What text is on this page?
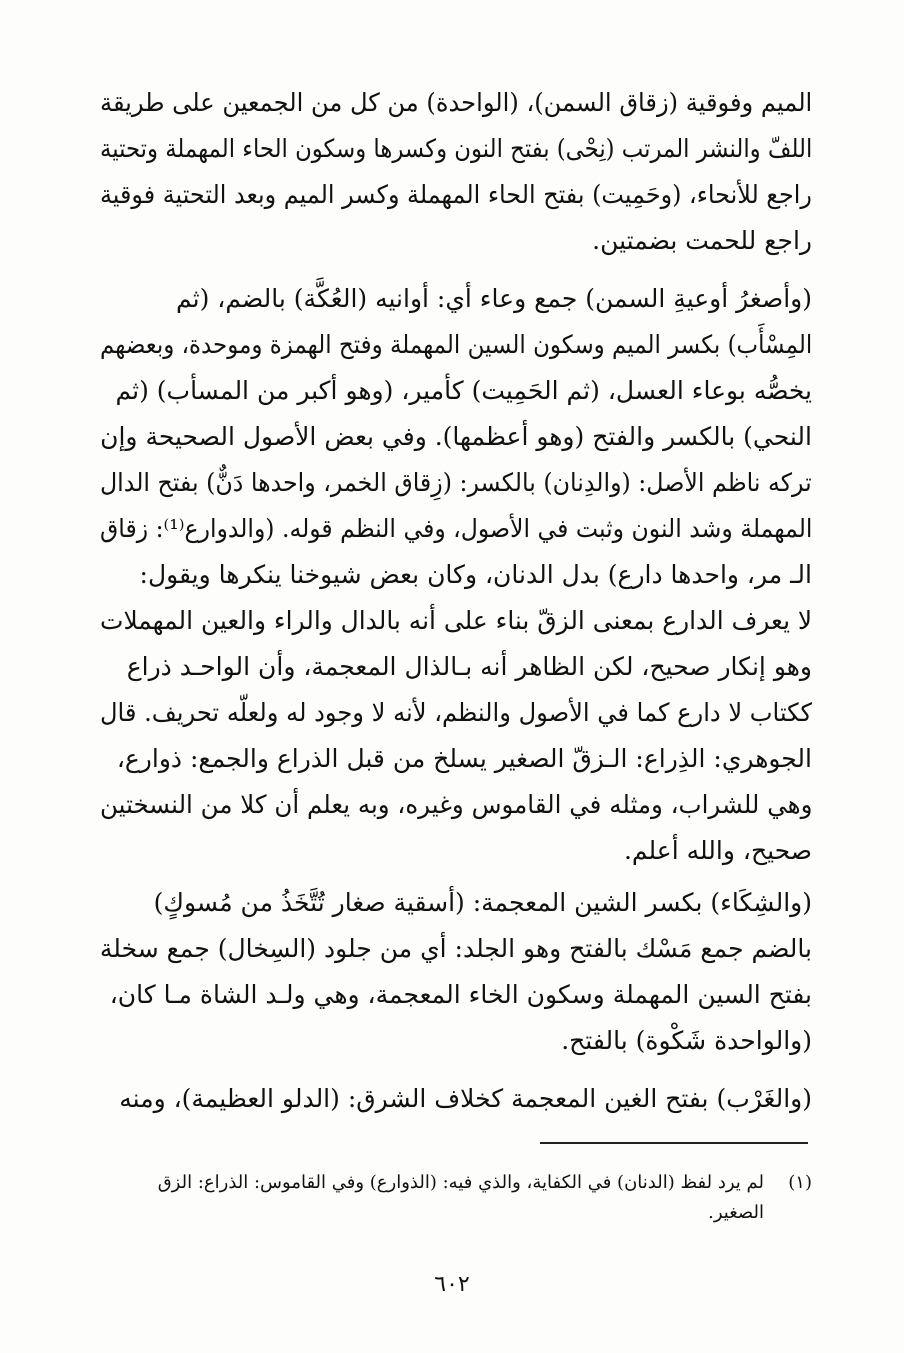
الميم وفوقية (زقاق السمن)، (الواحدة) من كل من الجمعين على طريقة
اللفّ والنشر المرتب (نِحْى) بفتح النون وكسرها وسكون الحاء المهملة وتحتية
راجع للأنحاء، (وحَمِيت) بفتح الحاء المهملة وكسر الميم وبعد التحتية فوقية
راجع للحمت بضمتين.
(وأصغرُ أوعيةِ السمن) جمع وعاء أي: أوانيه (العُكَّة) بالضم، (ثم
المِسْأَب) بكسر الميم وسكون السين المهملة وفتح الهمزة وموحدة، وبعضهم
يخصُّه بوعاء العسل، (ثم الحَمِيت) كأمير، (وهو أكبر من المسأب) (ثم
النحي) بالكسر والفتح (وهو أعظمها). وفي بعض الأصول الصحيحة وإن
تركه ناظم الأصل: (والدِنان) بالكسر: (زِقاق الخمر، واحدها دَنٌّ) بفتح الدال
المهملة وشد النون وثبت في الأصول، وفي النظم قوله. (والدوارع⁽¹⁾: زقاق
الـ مر، واحدها دارع) بدل الدنان، وكان بعض شيوخنا ينكرها ويقول:
لا يعرف الدارع بمعنى الزقّ بناء على أنه بالدال والراء والعين المهملات
وهو إنكار صحيح، لكن الظاهر أنه بـالذال المعجمة، وأن الواحـد ذراع
ككتاب لا دارع كما في الأصول والنظم، لأنه لا وجود له ولعلّه تحريف. قال
الجوهري: الذِراع: الـزقّ الصغير يسلخ من قبل الذراع والجمع: ذوارع،
وهي للشراب، ومثله في القاموس وغيره، وبه يعلم أن كلا من النسختين
صحيح، والله أعلم.
(والشِكَاء) بكسر الشين المعجمة: (أسقية صغار تُتَّخَذُ من مُسوكٍ)
بالضم جمع مَسْك بالفتح وهو الجلد: أي من جلود (السِخال) جمع سخلة
بفتح السين المهملة وسكون الخاء المعجمة، وهي ولـد الشاة مـا كان،
(والواحدة شَكْوة) بالفتح.
(والغَرْب) بفتح الغين المعجمة كخلاف الشرق: (الدلو العظيمة)، ومنه
(١)
لم يرد لفظ (الدنان) في الكفاية، والذي فيه: (الذوارع) وفي القاموس: الذراع: الزق
الصغير.
٦٠٢
